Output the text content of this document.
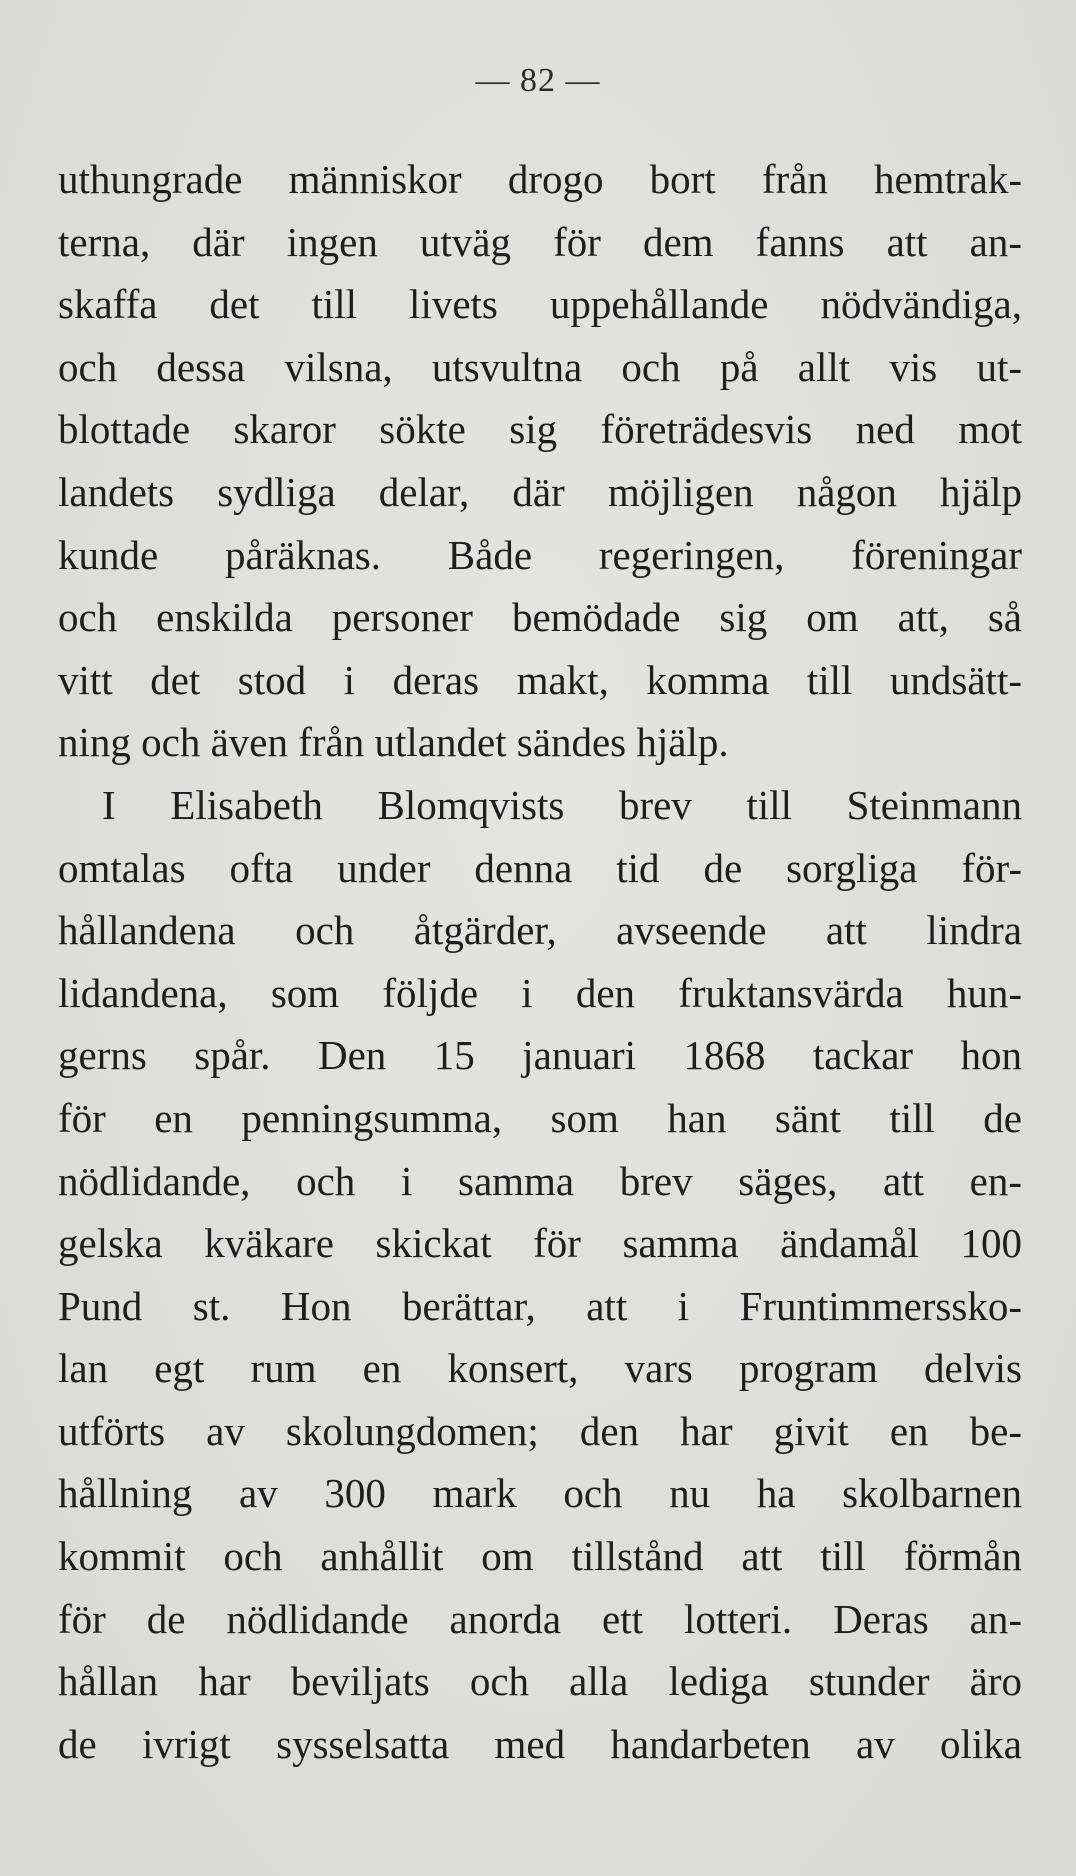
— 82 —
uthungrade människor drogo bort från hemtrak-
terna, där ingen utväg för dem fanns att an-
skaffa det till livets uppehållande nödvändiga,
och dessa vilsna, utsvultna och på allt vis ut-
blottade skaror sökte sig företrädesvis ned mot
landets sydliga delar, där möjligen någon hjälp
kunde påräknas. Både regeringen, föreningar
och enskilda personer bemödade sig om att, så
vitt det stod i deras makt, komma till undsätt-
ning och även från utlandet sändes hjälp.
I Elisabeth Blomqvists brev till Steinmann
omtalas ofta under denna tid de sorgliga för-
hållandena och åtgärder, avseende att lindra
lidandena, som följde i den fruktansvärda hun-
gerns spår. Den 15 januari 1868 tackar hon
för en penningsumma, som han sänt till de
nödlidande, och i samma brev säges, att en-
gelska kväkare skickat för samma ändamål 100
Pund st. Hon berättar, att i Fruntimmerssko-
lan egt rum en konsert, vars program delvis
utförts av skolungdomen; den har givit en be-
hållning av 300 mark och nu ha skolbarnen
kommit och anhållit om tillstånd att till förmån
för de nödlidande anorda ett lotteri. Deras an-
hållan har beviljats och alla lediga stunder äro
de ivrigt sysselsatta med handarbeten av olika
